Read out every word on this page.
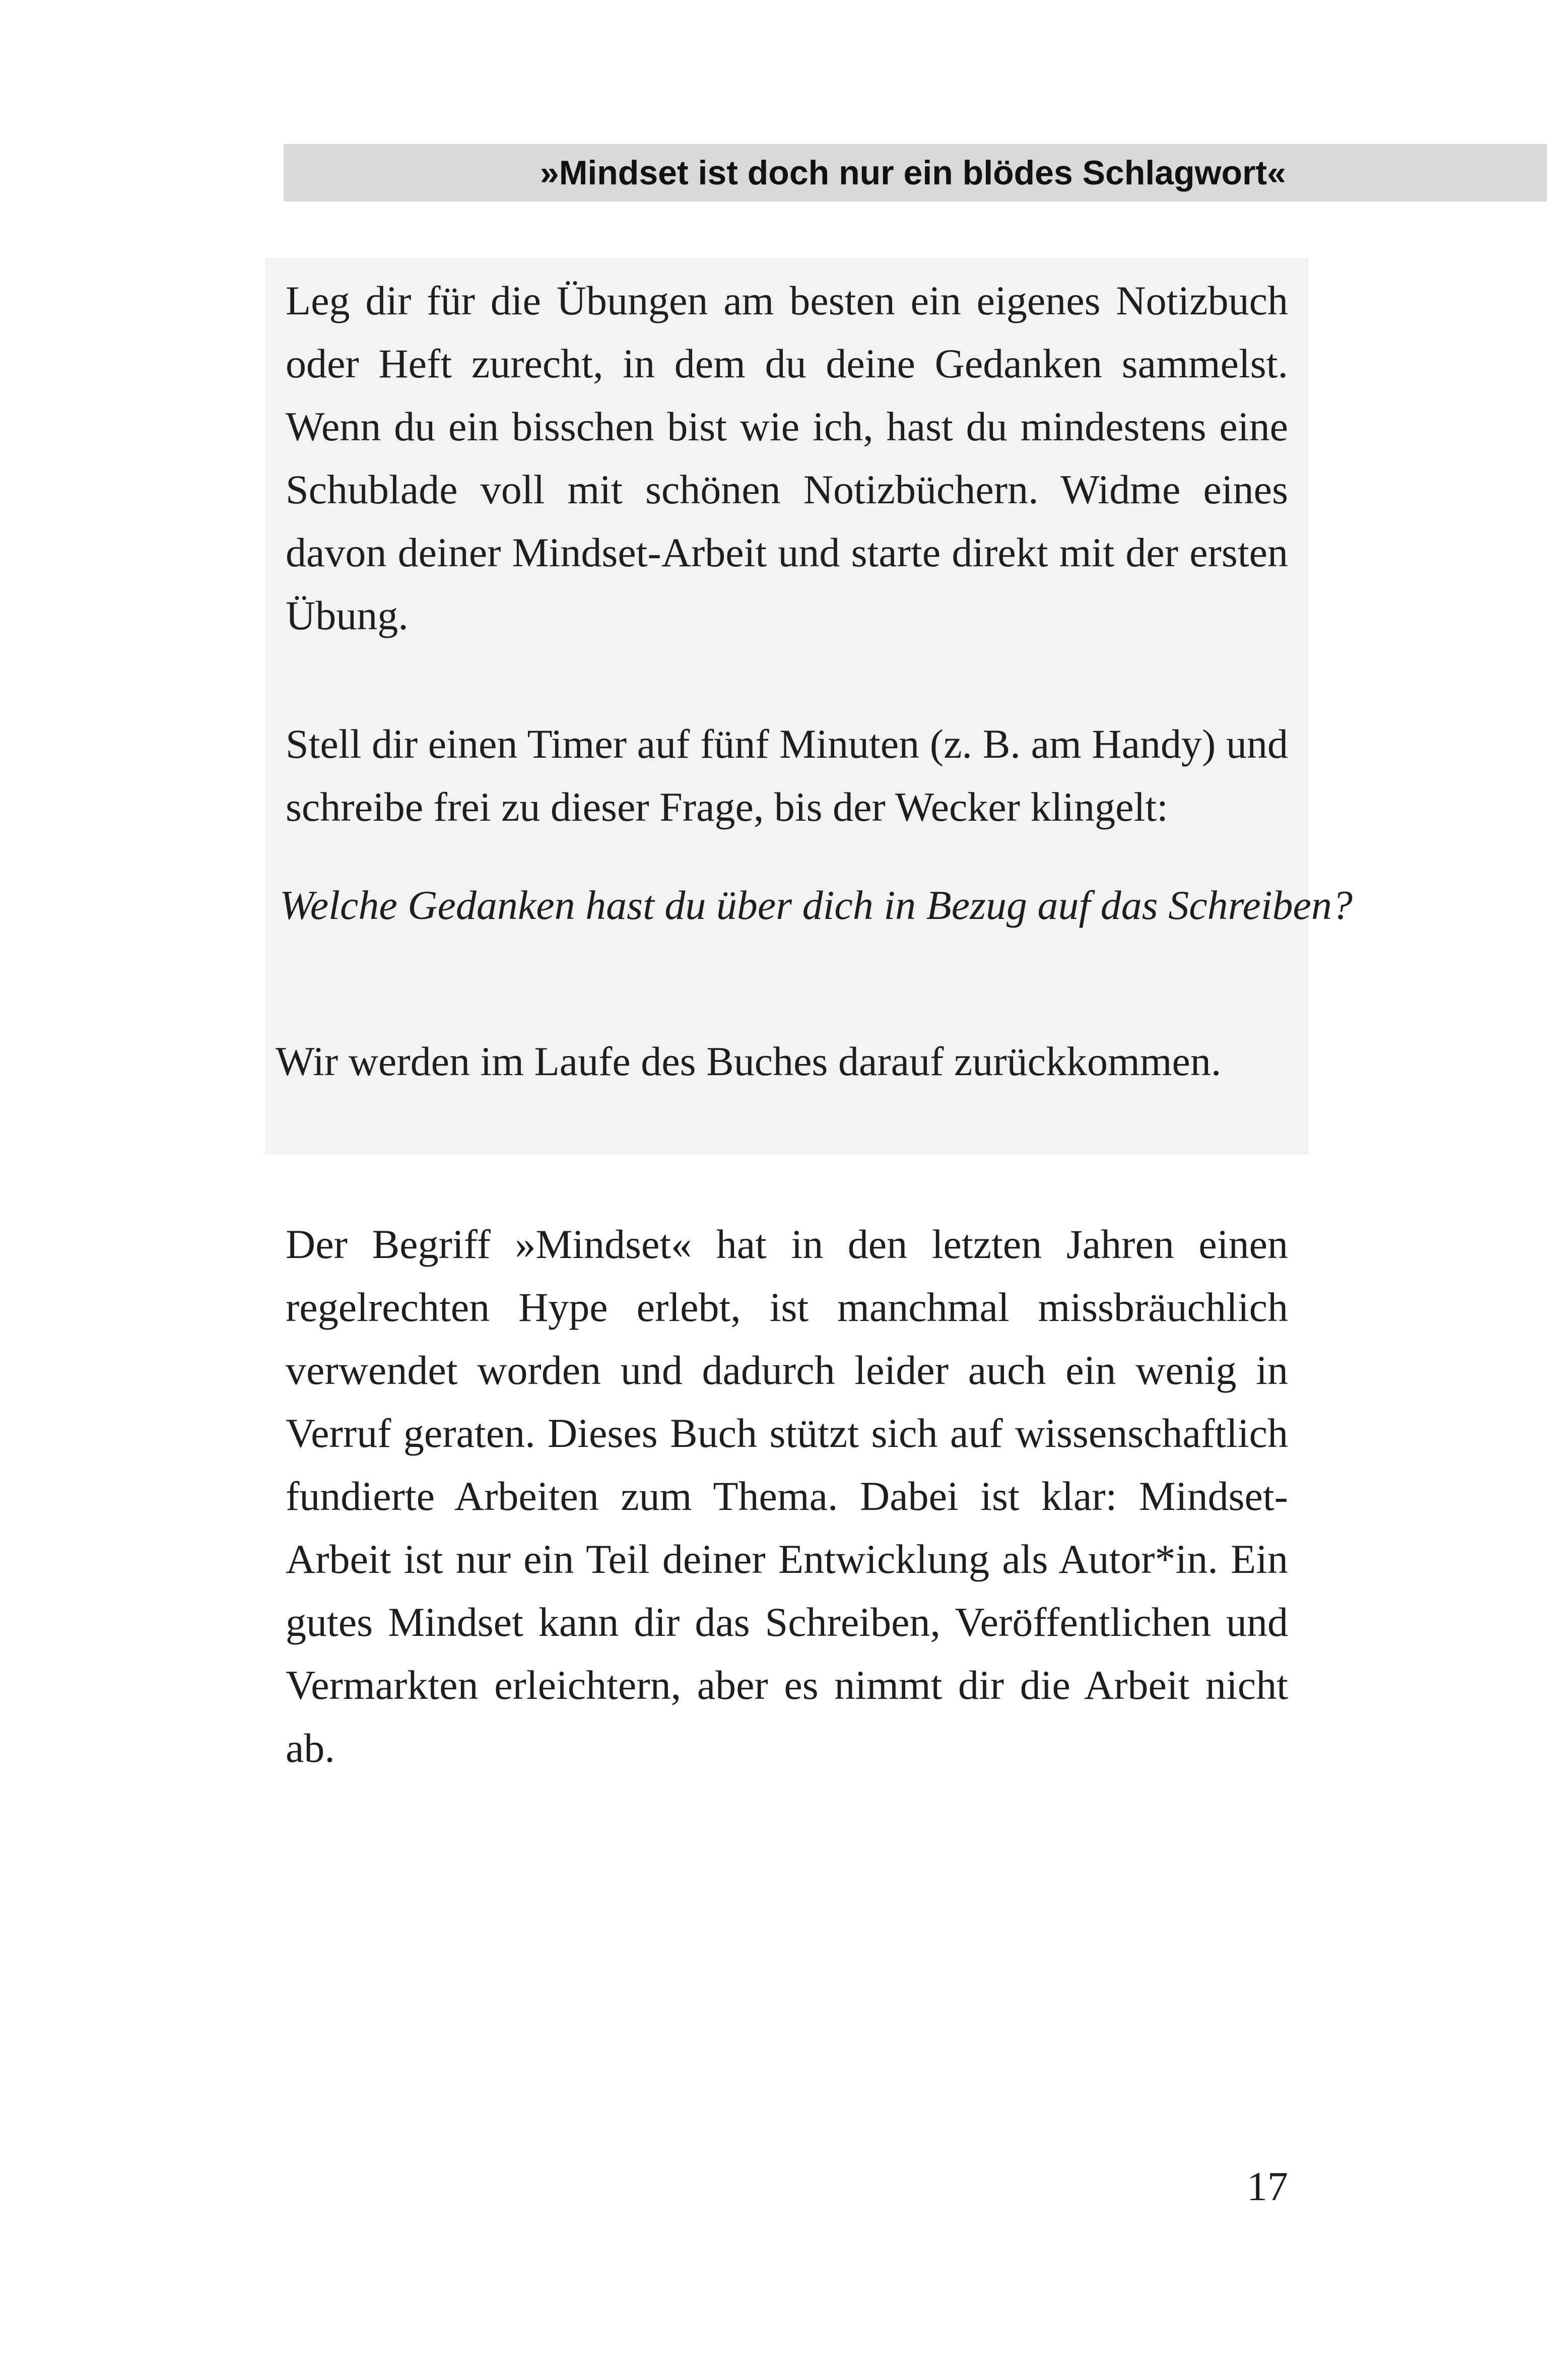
»Mindset ist doch nur ein blödes Schlagwort«

Leg dir für die Übungen am besten ein eigenes Notizbuch oder Heft zurecht, in dem du deine Gedanken sammelst. Wenn du ein bisschen bist wie ich, hast du mindestens eine Schublade voll mit schönen Notizbüchern. Widme eines davon deiner Mindset-Arbeit und starte direkt mit der ersten Übung.

Stell dir einen Timer auf fünf Minuten (z. B. am Handy) und schreibe frei zu dieser Frage, bis der Wecker klingelt:

Welche Gedanken hast du über dich in Bezug auf das Schreiben?

Wir werden im Laufe des Buches darauf zurückkommen.

Der Begriff »Mindset« hat in den letzten Jahren einen regelrechten Hype erlebt, ist manchmal missbräuchlich verwendet worden und dadurch leider auch ein wenig in Verruf geraten. Dieses Buch stützt sich auf wissenschaftlich fundierte Arbeiten zum Thema. Dabei ist klar: Mindset-Arbeit ist nur ein Teil deiner Entwicklung als Autor*in. Ein gutes Mindset kann dir das Schreiben, Veröffentlichen und Vermarkten erleichtern, aber es nimmt dir die Arbeit nicht ab.

17
